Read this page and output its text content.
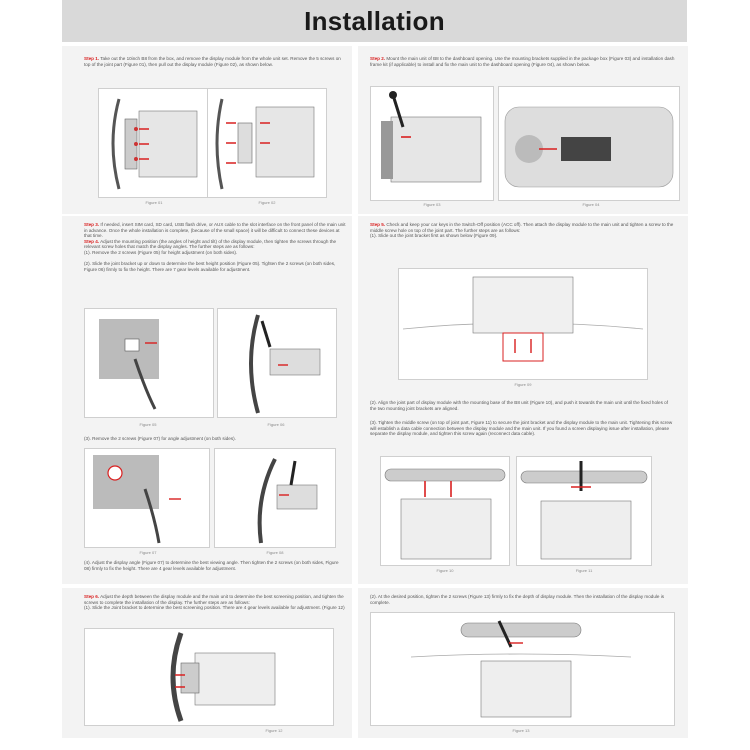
Installation
Step 1. Take out the 10inch B8 from the box, and remove the display module from the whole unit set. Remove the 5 screws on top of the joint part (Figure 01), then pull out the display module (Figure 02), as shown below.
Figure 01	Figure 02
Step 2. Mount the main unit of B8 to the dashboard opening. Use the mounting brackets supplied in the package box (Figure 03) and installation dash frame kit (if applicable) to install and fix the main unit to the dashboard opening (Figure 04), as shown below.
Figure 03	Figure 04
Step 3. If needed, insert SIM card, SD card, USB flash drive, or AUX cable to the slot interface on the front panel of the main unit in advance. Once the whole installation is complete, (because of the small space) it will be difficult to connect these devices at that time.
Step 4. Adjust the mounting position (the angles of height and tilt) of the display module, then tighten the screws through the relevant screw holes that match the display angles. The further steps are as follows:
(1). Remove the 2 screws (Figure 05) for height adjustment (on both sides).

(2). Slide the joint bracket up or down to determine the best height position (Figure 05). Tighten the 2 screws (on both sides, Figure 06) firmly to fix the height. There are 7 gear levels available for adjustment.
Figure 05	Figure 06
(3). Remove the 2 screws (Figure 07) for angle adjustment (on both sides).
Figure 07	Figure 08
(4). Adjust the display angle (Figure 07) to determine the best viewing angle. Then tighten the 2 screws (on both sides, Figure 08) firmly to fix the height. There are 4 gear levels available for adjustment.
Step 5. Check and keep your car keys in the Switch-Off position (ACC off). Then attach the display module to the main unit and tighten a screw to the middle screw hole on top of the joint part. The further steps are as follows:
(1). Slide out the joint bracket first as shown below (Figure 09).
Figure 09
(2). Align the joint part of display module with the mounting base of the B8 unit (Figure 10), and push it towards the main unit until the fixed holes of the two mounting joint brackets are aligned.
(3). Tighten the middle screw (on top of joint part, Figure 11) to secure the joint bracket and the display module to the main unit. Tightening this screw will establish a data cable connection between the display module and the main unit. If you found a screen displaying issue after installation, please separate the display module, and tighten this screw again (reconnect data cable).
Figure 10	Figure 11
Step 6. Adjust the depth between the display module and the main unit to determine the best screening position, and tighten the screws to complete the installation of the display. The further steps are as follows:
(1). Slide the Joint bracket to determine the best screening position. There are 4 gear levels available for adjustment. (Figure 12)
Figure 12
(2). At the desired position, tighten the 2 screws (Figure 13) firmly to fix the depth of display module. Then the installation of the display module is complete.
Figure 13
